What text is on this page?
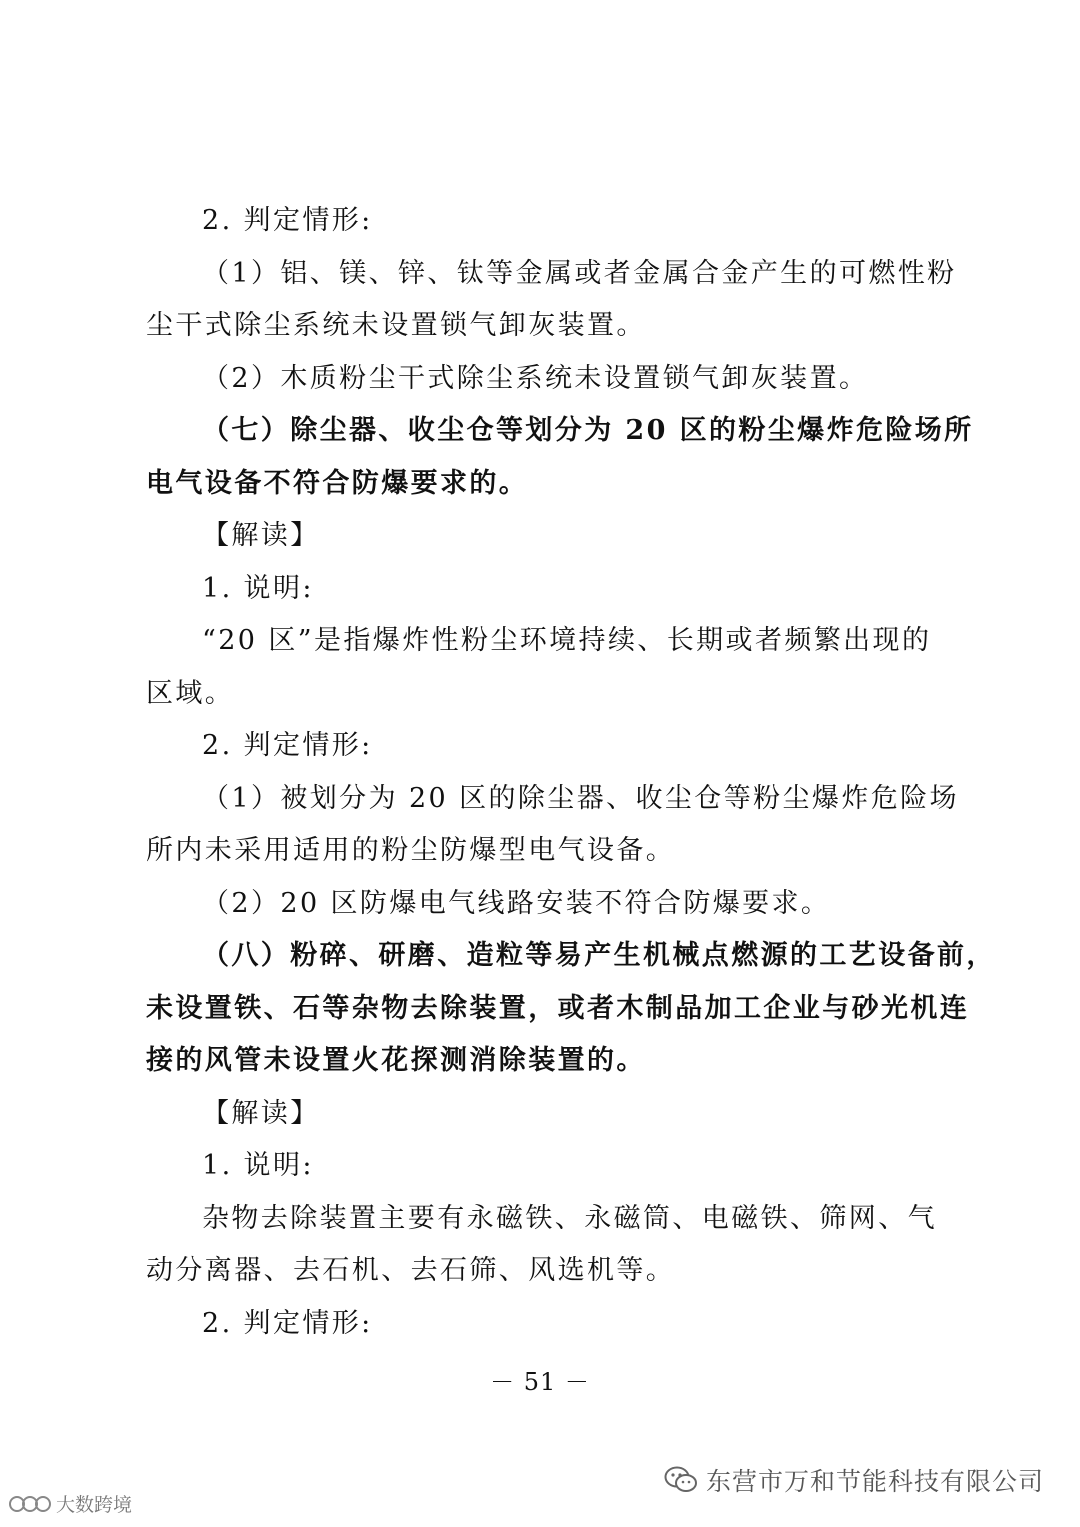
2. 判定情形:

（1）铝、镁、锌、钛等金属或者金属合金产生的可燃性粉

尘干式除尘系统未设置锁气卸灰装置。

（2）木质粉尘干式除尘系统未设置锁气卸灰装置。

（七）除尘器、收尘仓等划分为 20 区的粉尘爆炸危险场所

电气设备不符合防爆要求的。

【解读】

1. 说明:

“20 区”是指爆炸性粉尘环境持续、长期或者频繁出现的

区域。

2. 判定情形:

（1）被划分为 20 区的除尘器、收尘仓等粉尘爆炸危险场

所内未采用适用的粉尘防爆型电气设备。

（2）20 区防爆电气线路安装不符合防爆要求。

（八）粉碎、研磨、造粒等易产生机械点燃源的工艺设备前，

未设置铁、石等杂物去除装置，或者木制品加工企业与砂光机连

接的风管未设置火花探测消除装置的。

【解读】

1. 说明:

杂物去除装置主要有永磁铁、永磁筒、电磁铁、筛网、气

动分离器、去石机、去石筛、风选机等。

2. 判定情形:

－ 51 －
东营市万和节能科技有限公司
大数跨境
